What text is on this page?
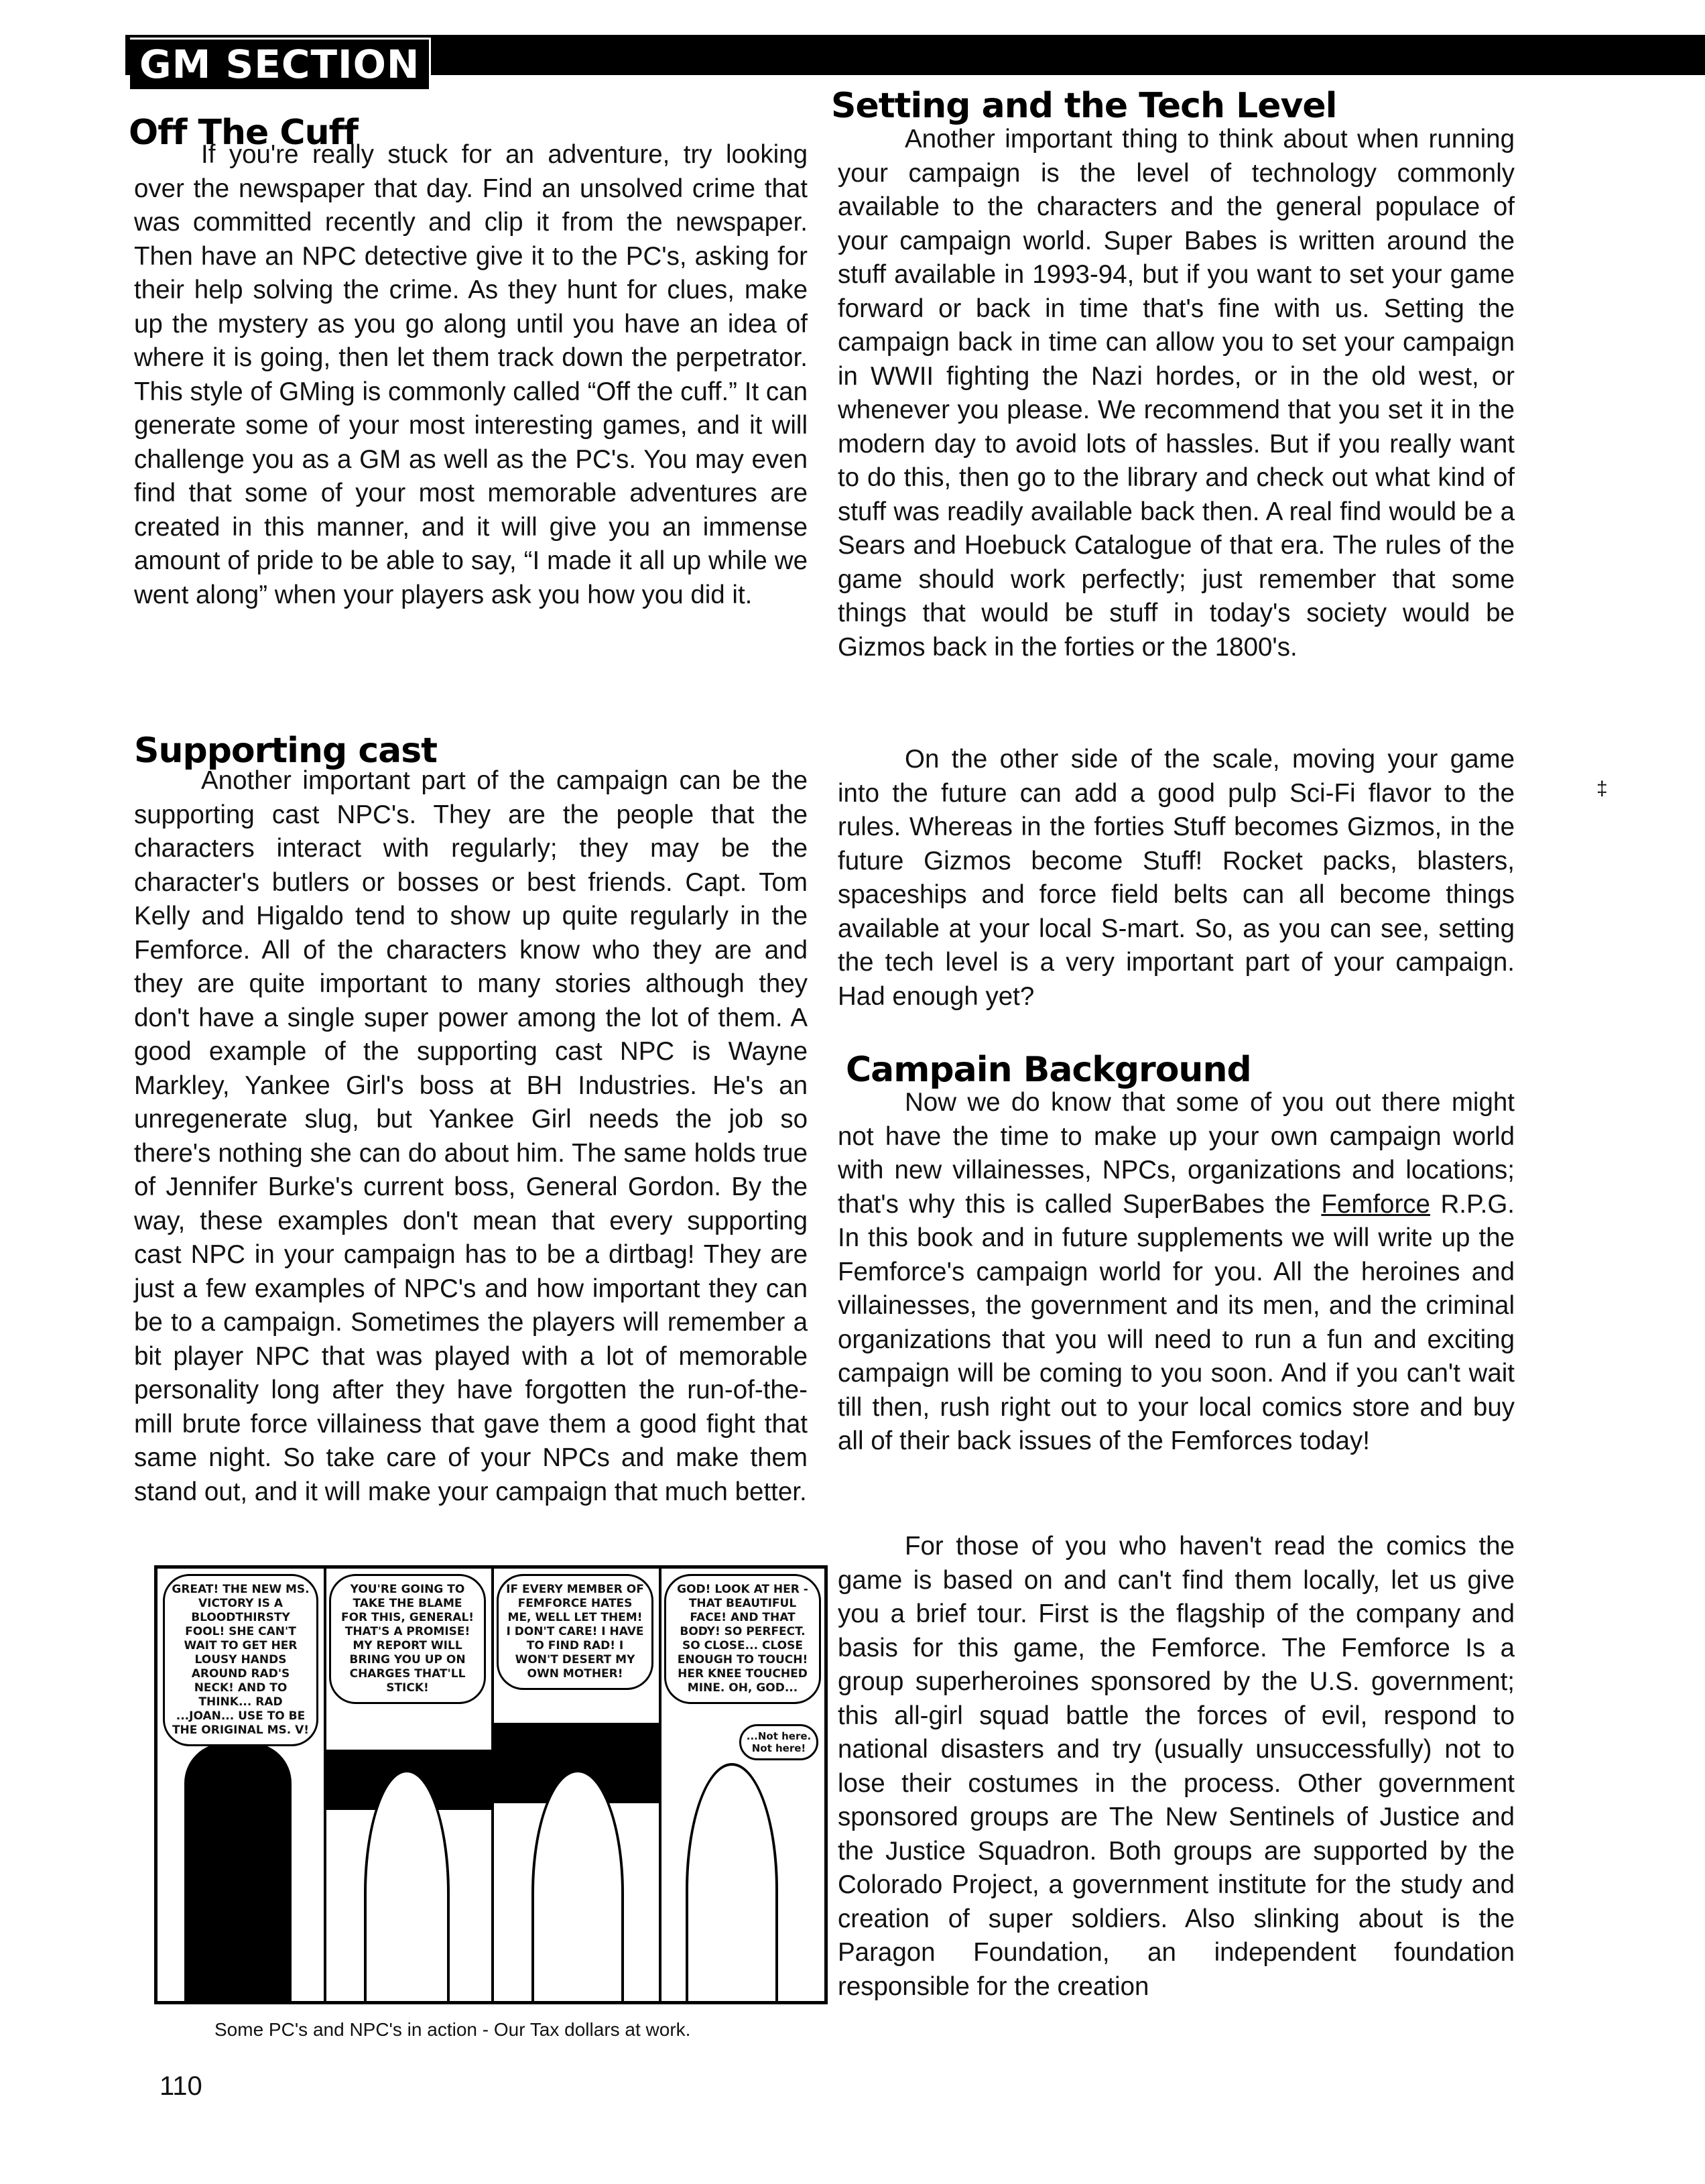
GM SECTION
Off The Cuff

If you're really stuck for an adventure, try looking over the newspaper that day. Find an unsolved crime that was committed recently and clip it from the newspaper. Then have an NPC detective give it to the PC's, asking for their help solving the crime. As they hunt for clues, make up the mystery as you go along until you have an idea of where it is going, then let them track down the perpetrator. This style of GMing is commonly called “Off the cuff.” It can generate some of your most interesting games, and it will challenge you as a GM as well as the PC's. You may even find that some of your most memorable adventures are created in this manner, and it will give you an immense amount of pride to be able to say, “I made it all up while we went along” when your players ask you how you did it.

Supporting cast

Another important part of the campaign can be the supporting cast NPC's. They are the people that the characters interact with regularly; they may be the character's butlers or bosses or best friends. Capt. Tom Kelly and Higaldo tend to show up quite regularly in the Femforce. All of the characters know who they are and they are quite important to many stories although they don't have a single super power among the lot of them. A good example of the supporting cast NPC is Wayne Markley, Yankee Girl's boss at BH Industries. He's an unregenerate slug, but Yankee Girl needs the job so there's nothing she can do about him. The same holds true of Jennifer Burke's current boss, General Gordon. By the way, these examples don't mean that every supporting cast NPC in your campaign has to be a dirtbag! They are just a few examples of NPC's and how important they can be to a campaign. Sometimes the players will remember a bit player NPC that was played with a lot of memorable personality long after they have forgotten the run-of-the-mill brute force villainess that gave them a good fight that same night. So take care of your NPCs and make them stand out, and it will make your campaign that much better.

GREAT! THE NEW MS. VICTORY IS A BLOODTHIRSTY FOOL! SHE CAN'T WAIT TO GET HER LOUSY HANDS AROUND RAD'S NECK! AND TO THINK... RAD ...JOAN... USE TO BE THE ORIGINAL MS. V!
YOU'RE GOING TO TAKE THE BLAME FOR THIS, GENERAL! THAT'S A PROMISE! MY REPORT WILL BRING YOU UP ON CHARGES THAT'LL STICK!
IF EVERY MEMBER OF FEMFORCE HATES ME, WELL LET THEM! I DON'T CARE! I HAVE TO FIND RAD! I WON'T DESERT MY OWN MOTHER!
GOD! LOOK AT HER - THAT BEAUTIFUL FACE! AND THAT BODY! SO PERFECT. SO CLOSE... CLOSE ENOUGH TO TOUCH! HER KNEE TOUCHED MINE. OH, GOD...
...Not here. Not here!
Some PC's and NPC's in action - Our Tax dollars at work.
110
Setting and the Tech Level

Another important thing to think about when running your campaign is the level of technology commonly available to the characters and the general populace of your campaign world. Super Babes is written around the stuff available in 1993-94, but if you want to set your game forward or back in time that's fine with us. Setting the campaign back in time can allow you to set your campaign in WWII fighting the Nazi hordes, or in the old west, or whenever you please. We recommend that you set it in the modern day to avoid lots of hassles. But if you really want to do this, then go to the library and check out what kind of stuff was readily available back then. A real find would be a Sears and Hoebuck Catalogue of that era. The rules of the game should work perfectly; just remember that some things that would be stuff in today's society would be Gizmos back in the forties or the 1800's.

On the other side of the scale, moving your game into the future can add a good pulp Sci-Fi flavor to the rules. Whereas in the forties Stuff becomes Gizmos, in the future Gizmos become Stuff! Rocket packs, blasters, spaceships and force field belts can all become things available at your local S-mart. So, as you can see, setting the tech level is a very important part of your campaign. Had enough yet?

Campain Background

Now we do know that some of you out there might not have the time to make up your own campaign world with new villainesses, NPCs, organizations and locations; that's why this is called SuperBabes the Femforce R.P.G. In this book and in future supplements we will write up the Femforce's campaign world for you. All the heroines and villainesses, the government and its men, and the criminal organizations that you will need to run a fun and exciting campaign will be coming to you soon. And if you can't wait till then, rush right out to your local comics store and buy all of their back issues of the Femforces today!

For those of you who haven't read the comics the game is based on and can't find them locally, let us give you a brief tour. First is the flagship of the company and basis for this game, the Femforce. The Femforce Is a group superheroines sponsored by the U.S. government; this all-girl squad battle the forces of evil, respond to national disasters and try (usually unsuccessfully) not to lose their costumes in the process. Other government sponsored groups are The New Sentinels of Justice and the Justice Squadron. Both groups are supported by the Colorado Project, a government institute for the study and creation of super soldiers. Also slinking about is the Paragon Foundation, an independent foundation responsible for the creation

‡
